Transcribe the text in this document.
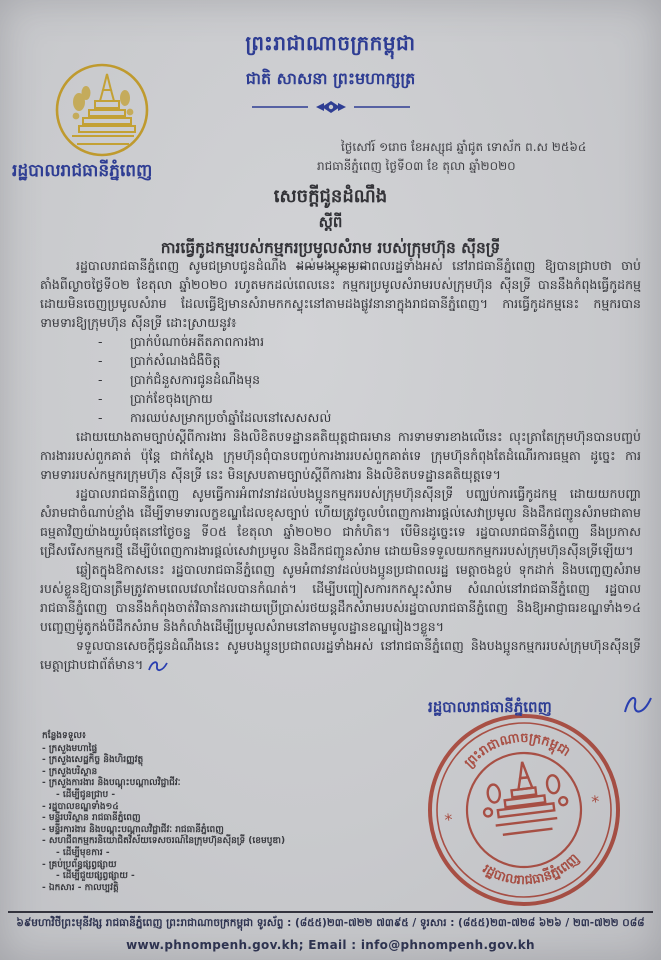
ព្រះរាជាណាចក្រកម្ពុជា
ជាតិ សាសនា ព្រះមហាក្សត្រ
រដ្ឋបាលរាជធានីភ្នំពេញ
ថ្ងៃសៅរ៍ ១រោច ខែអស្សុជ ឆ្នាំជូត ទោស័ក ព.ស ២៥៦៤
រាជធានីភ្នំពេញ ថ្ងៃទី០៣ ខែ តុលា ឆ្នាំ២០២០
សេចក្តីជូនដំណឹង
ស្តីពី
ការធ្វើកូដកម្មរបស់កម្មករប្រមូលសំរាម របស់ក្រុមហ៊ុន ស៊ីនទ្រី

រដ្ឋបាលរាជធានីភ្នំពេញ សូមជម្រាបជូនដំណឹង ដល់បងប្អូនប្រជាពលរដ្ឋទាំងអស់ នៅរាជធានីភ្នំពេញ ឱ្យបានជ្រាបថា ចាប់តាំងពីល្ងាចថ្ងៃទី០២ ខែតុលា ឆ្នាំ២០២០ រហូតមកដល់ពេលនេះ កម្មករប្រមូលសំរាមរបស់ក្រុមហ៊ុន ស៊ីនទ្រី បាននឹងកំពុងធ្វើកូដកម្ម ដោយមិនចេញប្រមូលសំរាម ដែលធ្វើឱ្យមានសំរាមកកស្ទុះនៅតាមដងផ្លូវនានាក្នុងរាជធានីភ្នំពេញ។ ការធ្វើកូដកម្មនេះ កម្មករបានទាមទារឱ្យក្រុមហ៊ុន ស៊ីនទ្រី ដោះស្រាយនូវ៖

- ប្រាក់បំណាច់អតីតភាពការងារ
- ប្រាក់សំណងជំងឺចិត្ត
- ប្រាក់ជំនួសការជូនដំណឹងមុន
- ប្រាក់ខែចុងក្រោយ
- ការឈប់សម្រាកប្រចាំឆ្នាំដែលនៅសេសសល់

ដោយយោងតាមច្បាប់ស្តីពីការងារ និងលិខិតបទដ្ឋានគតិយុត្តជាធរមាន ការទាមទារខាងលើនេះ លុះត្រាតែក្រុមហ៊ុនបានបញ្ចប់ការងាររបស់ពួកគាត់ ប៉ុន្តែ ជាក់ស្តែង ក្រុមហ៊ុនពុំបានបញ្ចប់ការងាររបស់ពួកគាត់ទេ ក្រុមហ៊ុនកំពុងតែដំណើរការធម្មតា ដូច្នេះ ការទាមទាររបស់កម្មករក្រុមហ៊ុន ស៊ីនទ្រី នេះ មិនស្របតាមច្បាប់ស្តីពីការងារ និងលិខិតបទដ្ឋានគតិយុត្តទេ។

រដ្ឋបាលរាជធានីភ្នំពេញ សូមធ្វើការអំពាវនាវដល់បងប្អូនកម្មកររបស់ក្រុមហ៊ុនស៊ីនទ្រី បញ្ឈប់ការធ្វើកូដកម្ម ដោយយកបញ្ហាសំរាមជាចំណាប់ខ្មាំង ដើម្បីទាមទារលក្ខខណ្ឌដែលខុសច្បាប់ ហើយត្រូវចូលបំពេញការងារផ្តល់សេវាប្រមូល និងដឹកជញ្ជូនសំរាមជាតាមធម្មតាវិញយ៉ាងយូរបំផុតនៅថ្ងៃចន្ទ ទី០៥ ខែតុលា ឆ្នាំ២០២០ ជាកំហិត។ បើមិនដូច្នេះទេ រដ្ឋបាលរាជធានីភ្នំពេញ នឹងប្រកាសជ្រើសរើសកម្មករថ្មី ដើម្បីបំពេញការងារផ្តល់សេវាប្រមូល និងដឹកជញ្ជូនសំរាម ដោយមិនទទួលយកកម្មកររបស់ក្រុមហ៊ុនស៊ីនទ្រីឡើយ។

ឆ្លៀតក្នុងឱកាសនេះ រដ្ឋបាលរាជធានីភ្នំពេញ សូមអំពាវនាវដល់បងប្អូនប្រជាពលរដ្ឋ មេត្តាចងខ្ចប់ ទុកដាក់ និងបញ្ចេញសំរាមរបស់ខ្លួនឱ្យបានត្រឹមត្រូវតាមពេលវេលាដែលបានកំណត់។ ដើម្បីបញ្ចៀសការកកស្ទុះសំរាម សំណល់នៅរាជធានីភ្នំពេញ រដ្ឋបាលរាជធានីភ្នំពេញ បាននឹងកំពុងចាត់វិធានការដោយប្រើប្រាស់រថយន្តដឹកសំរាមរបស់រដ្ឋបាលរាជធានីភ្នំពេញ និងឱ្យអាជ្ញាធរខណ្ឌទាំង១៤ បញ្ចេញម៉ូតូកង់បីដឹកសំរាម និងកំលាំងដើម្បីប្រមូលសំរាមនៅតាមមូលដ្ឋានខណ្ឌរៀងៗខ្លួន។

ទទួលបានសេចក្តីជូនដំណឹងនេះ សូមបងប្អូនប្រជាពលរដ្ឋទាំងអស់ នៅរាជធានីភ្នំពេញ និងបងប្អូនកម្មកររបស់ក្រុមហ៊ុនស៊ីនទ្រីមេត្តាជ្រាបជាព័ត៌មាន។

រដ្ឋបាលរាជធានីភ្នំពេញ
ព្រះរាជាណាចក្រកម្ពុជា
រដ្ឋបាលរាជធានីភ្នំពេញ
*
*
កន្លែងទទួល៖
- ក្រសួងមហាផ្ទៃ
- ក្រសួងសេដ្ឋកិច្ច និងហិរញ្ញវត្ថុ
- ក្រសួងបរិស្ថាន
- ក្រសួងការងារ និងបណ្តុះបណ្តាលវិជ្ជាជីវៈ
- ដើម្បីជូនជ្រាប -
- រដ្ឋបាលខណ្ឌទាំង១៤
- មន្ទីរបរិស្ថាន រាជធានីភ្នំពេញ
- មន្ទីរការងារ និងបណ្តុះបណ្តាលវិជ្ជាជីវៈ រាជធានីភ្នំពេញ
- សហជីពកម្មករនិយោជិតវិស័យទេសចរណ៍នៃក្រុមហ៊ុនស៊ីនទ្រី (ខេមបូឌា)
- ដើម្បីមុខការ -
- គ្រប់ប្រព័ន្ធផ្សព្វផ្សាយ
- ដើម្បីជួយផ្សព្វផ្សាយ -
- ឯកសារ - កាលប្បវត្តិ
៦៩មហាវិថីព្រះមុនីវង្ស រាជធានីភ្នំពេញ ព្រះរាជាណាចក្រកម្ពុជា ទូរស័ព្ទ : (៨៥៥)២៣-៧២២ ៧៣៩៥ / ទូរសារ : (៨៥៥)២៣-៧២៨ ៦២៦ / ២៣-៧២២ ០៨៨
www.phnompenh.gov.kh; Email : info@phnompenh.gov.kh
